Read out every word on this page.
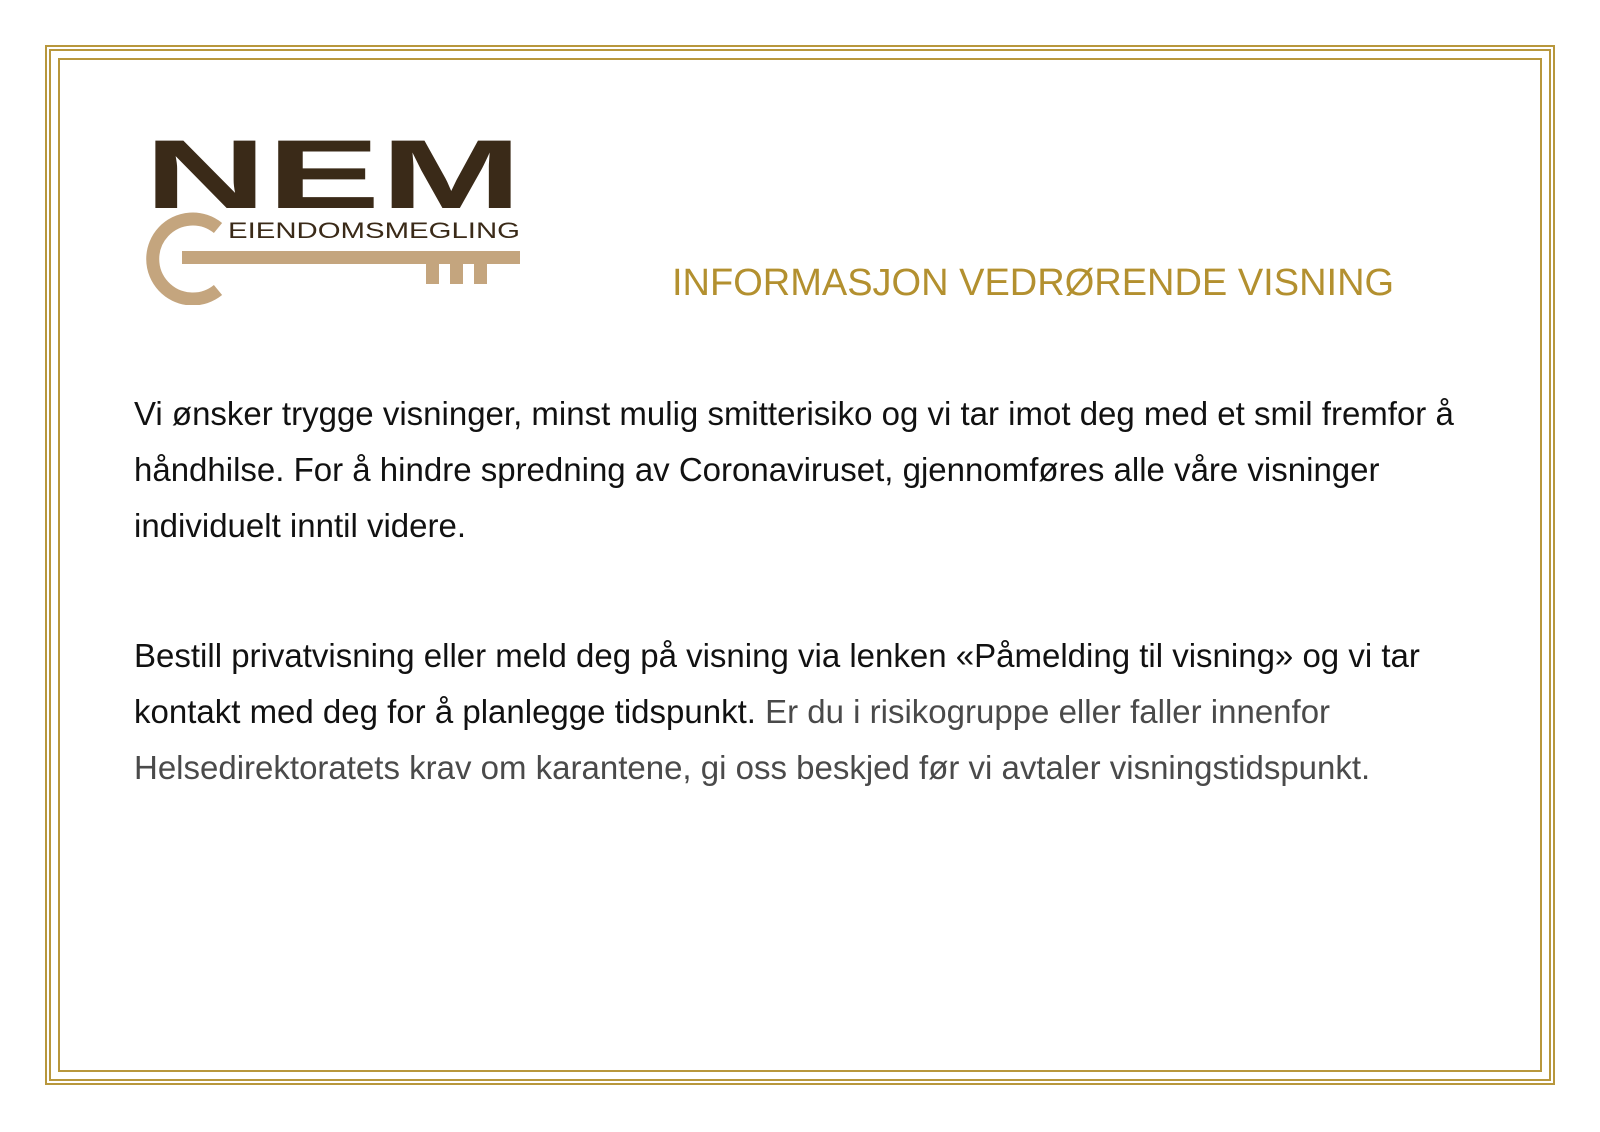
NEM
EIENDOMSMEGLING
INFORMASJON VEDRØRENDE VISNING

Vi ønsker trygge visninger, minst mulig smitterisiko og vi tar imot deg med et smil fremfor å håndhilse. For å hindre spredning av Coronaviruset, gjennomføres alle våre visninger individuelt inntil videre.

Bestill privatvisning eller meld deg på visning via lenken «Påmelding til visning» og vi tar kontakt med deg for å planlegge tidspunkt. Er du i risikogruppe eller faller innenfor Helsedirektoratets krav om karantene, gi oss beskjed før vi avtaler visningstidspunkt.
